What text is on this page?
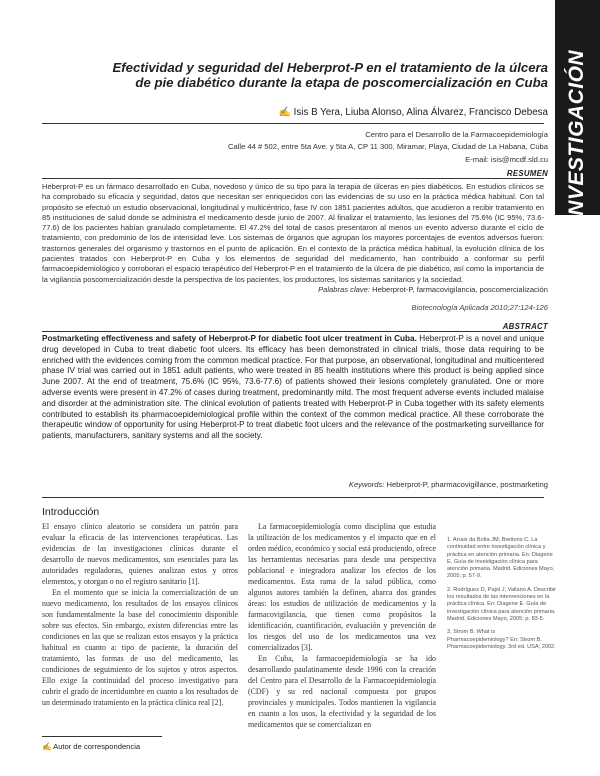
INVESTIGACIÓN
Efectividad y seguridad del Heberprot-P en el tratamiento de la úlcera de pie diabético durante la etapa de poscomercialización en Cuba
✍ Isis B Yera, Liuba Alonso, Alina Álvarez, Francisco Debesa
Centro para el Desarrollo de la Farmacoepidemiología
Calle 44 # 502, entre 5ta Ave. y 5ta A, CP 11 300, Miramar, Playa, Ciudad de La Habana, Cuba
E-mail: isis@mcdf.sld.cu
RESUMEN
Heberprot-P es un fármaco desarrollado en Cuba, novedoso y único de su tipo para la terapia de úlceras en pies diabéticos. En estudios clínicos se ha comprobado su eficacia y seguridad, datos que necesitan ser enriquecidos con las evidencias de su uso en la práctica médica habitual. Con tal propósito se efectuó un estudio observacional, longitudinal y multicéntrico, fase IV con 1851 pacientes adultos, que acudieron a recibir tratamiento en 85 instituciones de salud donde se administra el medicamento desde junio de 2007. Al finalizar el tratamiento, las lesiones del 75.6% (IC 95%, 73.6-77.6) de los pacientes habían granulado completamente. El 47.2% del total de casos presentaron al menos un evento adverso durante el ciclo de tratamiento, con predominio de los de intensidad leve. Los sistemas de órganos que agrupan los mayores porcentajes de eventos adversos fueron: trastornos generales del organismo y trastornos en el punto de aplicación. En el contexto de la práctica médica habitual, la evolución clínica de los pacientes tratados con Heberprot-P en Cuba y los elementos de seguridad del medicamento, han contribuido a conformar su perfil farmacoepidemiológico y corroboran el espacio terapéutico del Heberprot-P en el tratamiento de la úlcera de pie diabético, así como la importancia de la vigilancia poscomercialización desde la perspectiva de los pacientes, los productores, los sistemas sanitarios y la sociedad.
Palabras clave: Heberprot-P, farmacovigilancia, poscomercialización
Biotecnología Aplicada 2010;27:124-126
ABSTRACT
Postmarketing effectiveness and safety of Heberprot-P for diabetic foot ulcer treatment in Cuba. Heberprot-P is a novel and unique drug developed in Cuba to treat diabetic foot ulcers. Its efficacy has been demonstrated in clinical trials, those data requiring to be enriched with the evidences coming from the common medical practice. For that purpose, an observational, longitudinal and multicentered phase IV trial was carried out in 1851 adult patients, who were treated in 85 health institutions where this product is being applied since June 2007. At the end of treatment, 75.6% (IC 95%, 73.6-77.6) of patients showed their lesions completely granulated. One or more adverse events were present in 47.2% of cases during treatment, predominantly mild. The most frequent adverse events included malaise and disorder at the administration site. The clinical evolution of patients treated with Heberprot-P in Cuba together with its safety elements contributed to establish its pharmacoepidemiological profile within the context of the common medical practice. All these corroborate the therapeutic window of opportunity for using Heberprot-P to treat diabetic foot ulcers and the relevance of the postmarketing surveillance for patients, manufacturers, sanitary systems and all the society.
Keywords: Heberprot-P, pharmacovigillance, postmarketing
Introducción

El ensayo clínico aleatorio se considera un patrón para evaluar la eficacia de las intervenciones terapéuticas. Las evidencias de las investigaciones clínicas durante el desarrollo de nuevos medicamentos, son esenciales para las autoridades reguladoras, quienes analizan estos y otros elementos, y otorgan o no el registro sanitario [1].

En el momento que se inicia la comercialización de un nuevo medicamento, los resultados de los ensayos clínicos son fundamentalmente la base del conocimiento disponible sobre sus efectos. Sin embargo, existen diferencias entre las condiciones en las que se realizan estos ensayos y la práctica habitual en cuanto a: tipo de paciente, la duración del tratamiento, las formas de uso del medicamento, las condiciones de seguimiento de los sujetos y otros aspectos. Ello exige la continuidad del proceso investigativo para cubrir el grado de incertidumbre en cuanto a los resultados de un determinado tratamiento en la práctica clínica real [2].

La farmacoepidemiología como disciplina que estudia la utilización de los medicamentos y el impacto que en el orden médico, económico y social está produciendo, ofrece las herramientas necesarias para desde una perspectiva poblacional e integradora analizar los efectos de los medicamentos. Esta rama de la salud pública, como algunos autores también la definen, abarca dos grandes áreas: los estudios de utilización de medicamentos y la farmacovigilancia, que tienen como propósitos la identificación, cuantificación, evaluación y prevención de los riesgos del uso de los medicamentos una vez comercializados [3].

En Cuba, la farmacoepidemiología se ha ido desarrollando paulatinamente desde 1996 con la creación del Centro para el Desarrollo de la Farmacoepidemiología (CDF) y su red nacional compuesta por grupos provinciales y municipales. Todos mantienen la vigilancia en cuanto a los usos, la efectividad y la seguridad de los medicamentos que se comercializan en

1. Arrais da Bolta JM, Brettons C. La continuidad entre investigación clínica y práctica en atención primaria. En: Diagene E. Guía de investigación clínica para atención primaria. Madrid. Ediciones Mayo, 2005; p. 57-9.
2. Rodríguez D, Pajol J, Vallano A. Describir los resultados de las intervenciones en la práctica clínica. En: Diagene E. Guía de investigación clínica para atención primaria. Madrid. Ediciones Mayo, 2005; p. 83-5.
3. Strom B. What is Pharmacoepidemiology? En: Strom B. Pharmacoepidemiology. 3rd ed. USA; 2002.
✍ Autor de correspondencia
